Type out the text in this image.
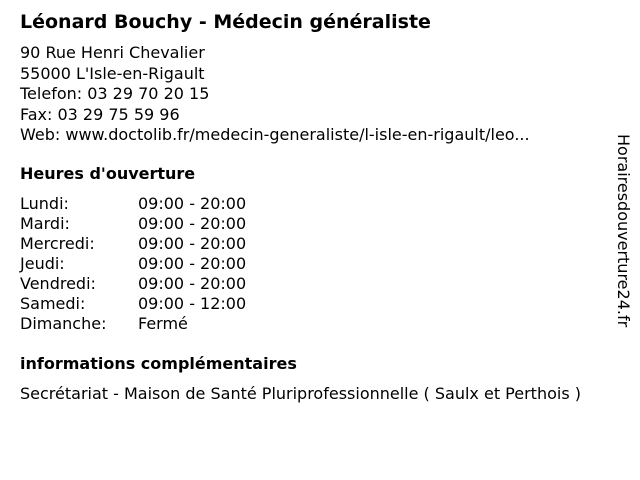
Léonard Bouchy - Médecin généraliste
90 Rue Henri Chevalier
55000 L'Isle-en-Rigault
Telefon: 03 29 70 20 15
Fax: 03 29 75 59 96
Web: www.doctolib.fr/medecin-generaliste/l-isle-en-rigault/leo...
Heures d'ouverture
Lundi:	09:00 - 20:00
Mardi:	09:00 - 20:00
Mercredi:	09:00 - 20:00
Jeudi:	09:00 - 20:00
Vendredi:	09:00 - 20:00
Samedi:	09:00 - 12:00
Dimanche:	Fermé
informations complémentaires
Secrétariat - Maison de Santé Pluriprofessionnelle ( Saulx et Perthois )
Horairesdouverture24.fr
